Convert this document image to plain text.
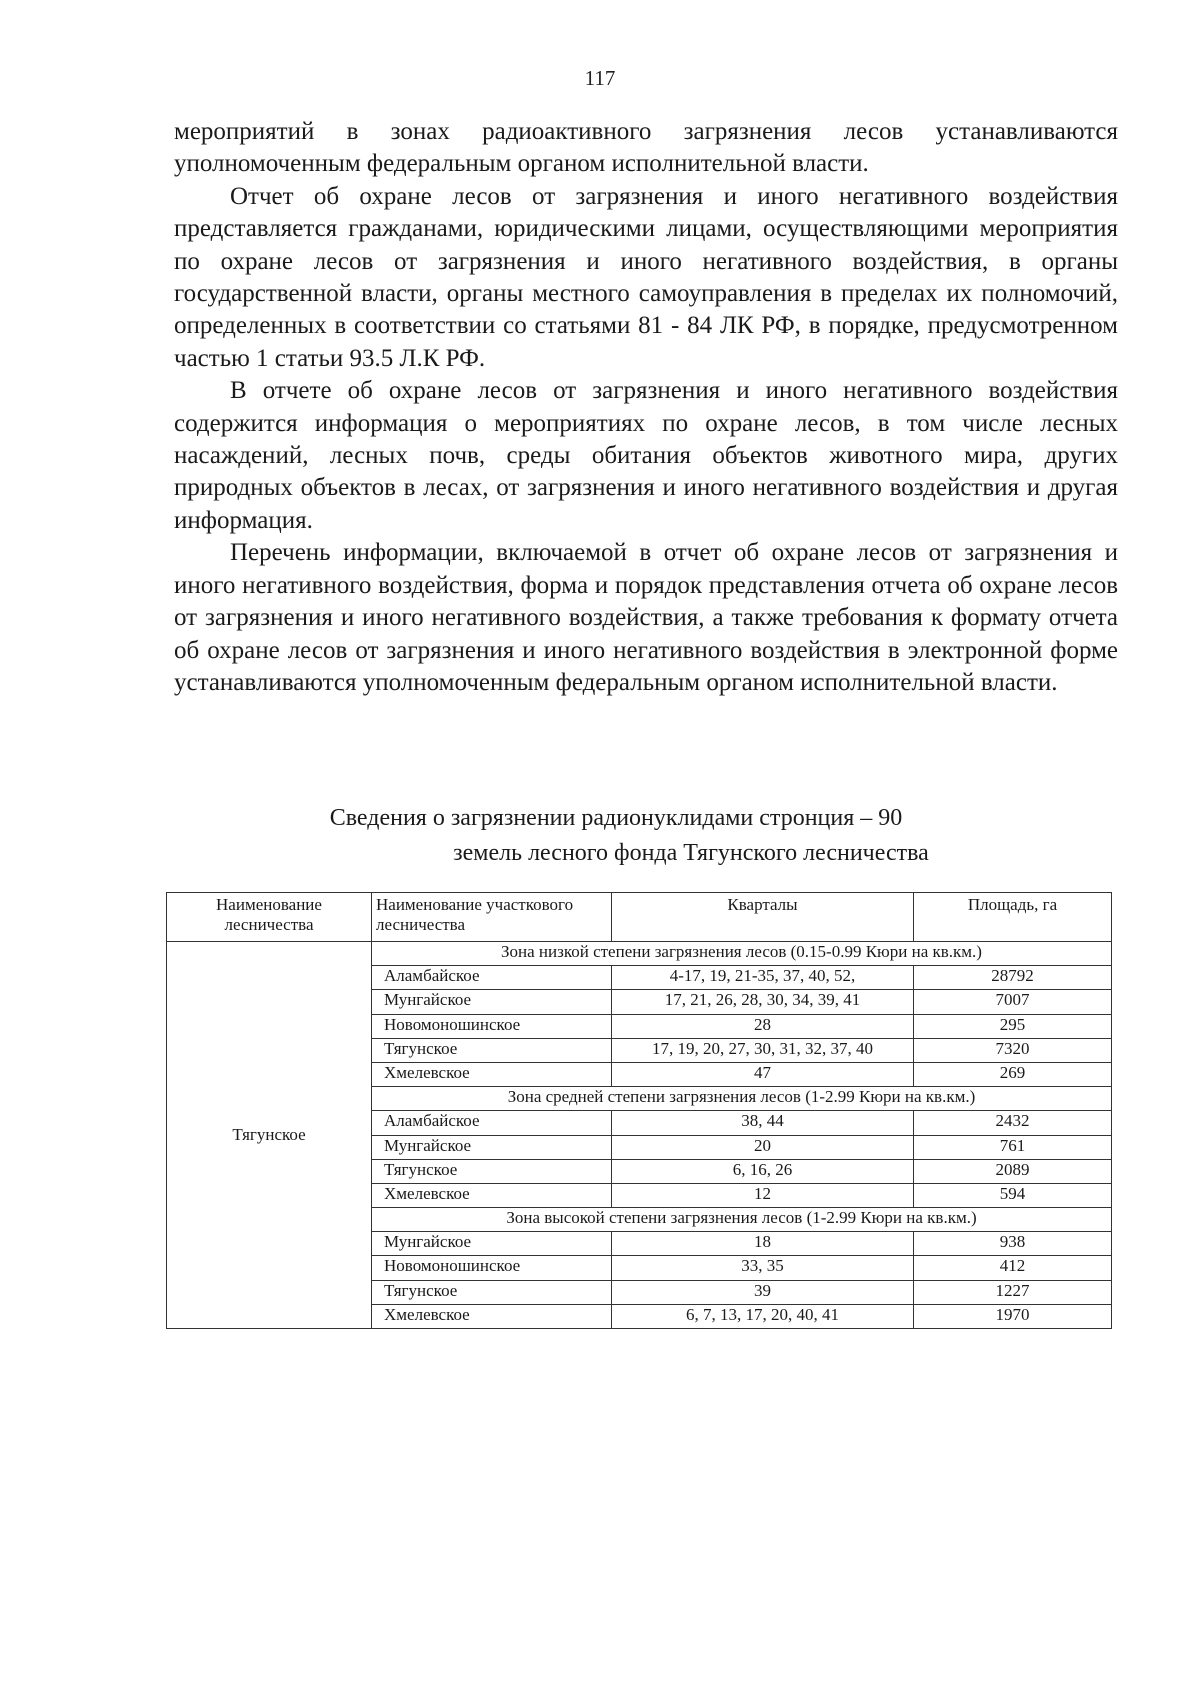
117

мероприятий в зонах радиоактивного загрязнения лесов устанавливаются уполномоченным федеральным органом исполнительной власти.

Отчет об охране лесов от загрязнения и иного негативного воздействия представляется гражданами, юридическими лицами, осуществляющими мероприятия по охране лесов от загрязнения и иного негативного воздействия, в органы государственной власти, органы местного самоуправления в пределах их полномочий, определенных в соответствии со статьями 81 - 84 ЛК РФ, в порядке, предусмотренном частью 1 статьи 93.5 Л.К РФ.

В отчете об охране лесов от загрязнения и иного негативного воздействия содержится информация о мероприятиях по охране лесов, в том числе лесных насаждений, лесных почв, среды обитания объектов животного мира, других природных объектов в лесах, от загрязнения и иного негативного воздействия и другая информация.

Перечень информации, включаемой в отчет об охране лесов от загрязнения и иного негативного воздействия, форма и порядок представления отчета об охране лесов от загрязнения и иного негативного воздействия, а также требования к формату отчета об охране лесов от загрязнения и иного негативного воздействия в электронной форме устанавливаются уполномоченным федеральным органом исполнительной власти.

Сведения о загрязнении радионуклидами стронция – 90
земель лесного фонда Тягунского лесничества
Наименование лесничества	Наименование участкового лесничества	Кварталы	Площадь, га
Тягунское	Зона низкой степени загрязнения лесов (0.15-0.99 Кюри на кв.км.)		
	Аламбайское	4-17, 19, 21-35, 37, 40, 52,	28792
	Мунгайское	17, 21, 26, 28, 30, 34, 39, 41	7007
	Новомоношинское	28	295
	Тягунское	17, 19, 20, 27, 30, 31, 32, 37, 40	7320
	Хмелевское	47	269
	Зона средней степени загрязнения лесов (1-2.99 Кюри на кв.км.)		
	Аламбайское	38, 44	2432
	Мунгайское	20	761
	Тягунское	6, 16, 26	2089
	Хмелевское	12	594
	Зона высокой степени загрязнения лесов (1-2.99 Кюри на кв.км.)		
	Мунгайское	18	938
	Новомоношинское	33, 35	412
	Тягунское	39	1227
	Хмелевское	6, 7, 13, 17, 20, 40, 41	1970
